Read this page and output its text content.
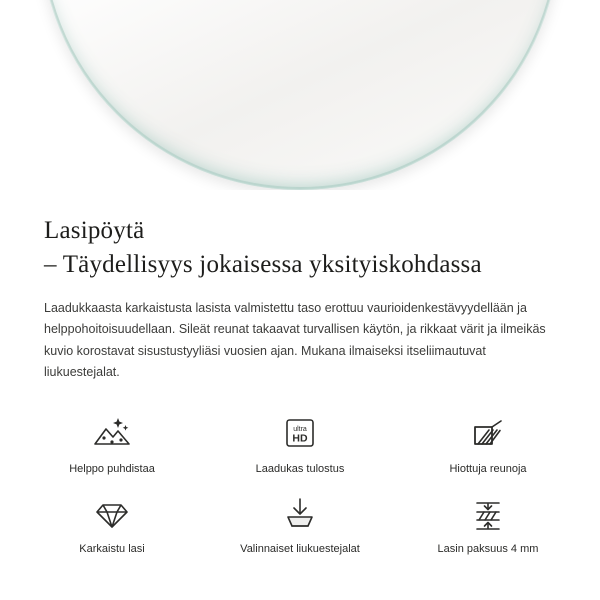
Lasipöytä
– Täydellisyys jokaisessa yksityiskohdassa

Laadukkaasta karkaistusta lasista valmistettu taso erottuu vaurioidenkestävyydellään ja helppohoitoisuudellaan. Sileät reunat takaavat turvallisen käytön, ja rikkaat värit ja ilmeikäs kuvio korostavat sisustustyyliäsi vuosien ajan. Mukana ilmaiseksi itseliimautuvat liukuestejalat.

Helppo puhdistaa
ultra
HD
Laadukas tulostus	Hiottuja reunoja
Karkaistu lasi	Valinnaiset liukuestejalat	Lasin paksuus 4 mm
